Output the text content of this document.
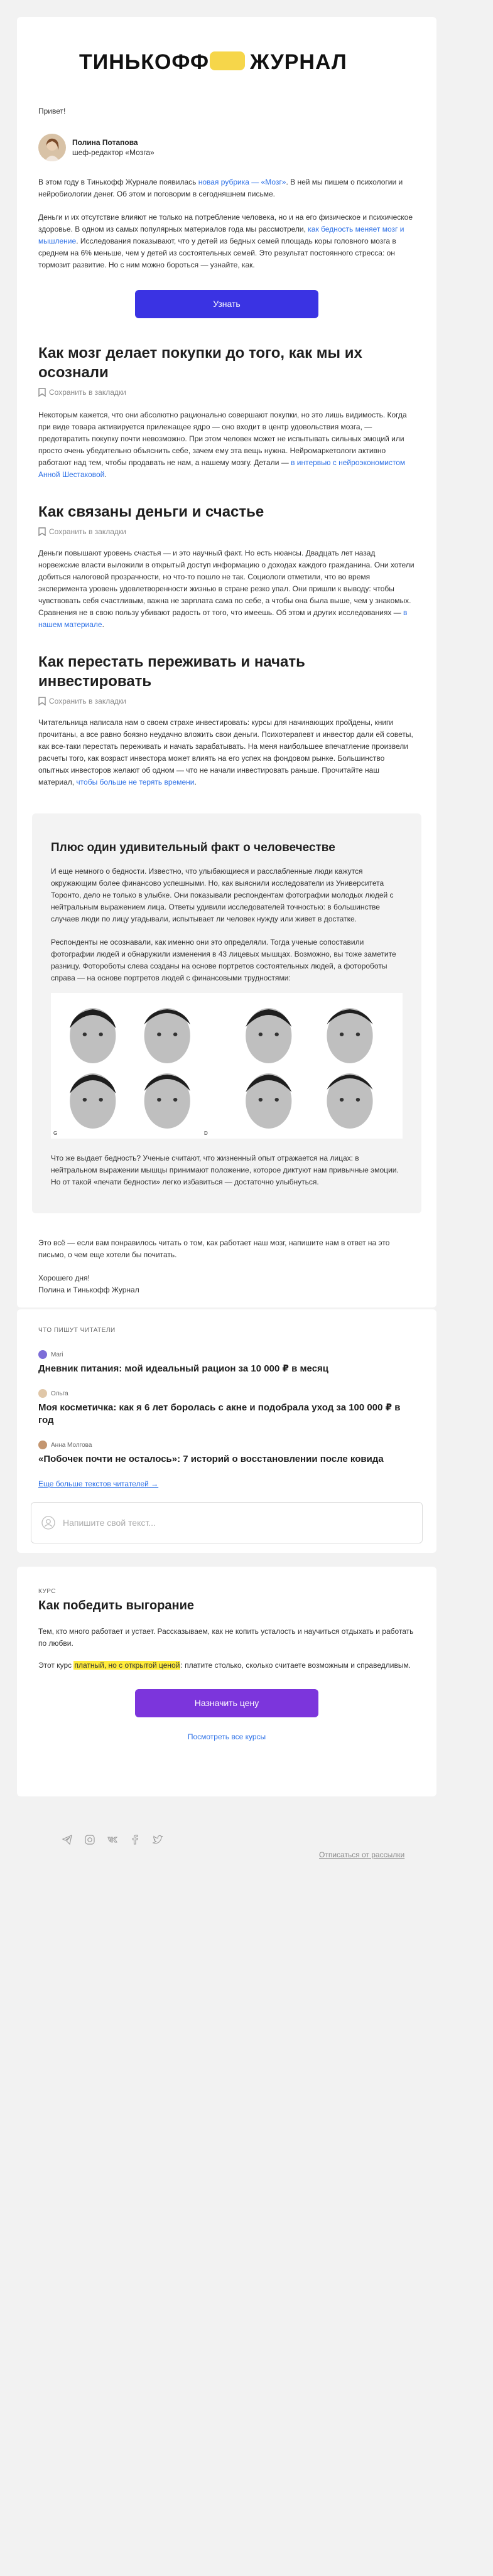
ТИНЬКОФФ ЖУРНАЛ

Привет!

Полина Потапова
шеф-редактор «Мозга»

В этом году в Тинькофф Журнале появилась новая рубрика — «Мозг». В ней мы пишем о психологии и нейробиологии денег. Об этом и поговорим в сегодняшнем письме.

Деньги и их отсутствие влияют не только на потребление человека, но и на его физическое и психическое здоровье. В одном из самых популярных материалов года мы рассмотрели, как бедность меняет мозг и мышление. Исследования показывают, что у детей из бедных семей площадь коры головного мозга в среднем на 6% меньше, чем у детей из состоятельных семей. Это результат постоянного стресса: он тормозит развитие. Но с ним можно бороться — узнайте, как.

Узнать
Как мозг делает покупки до того, как мы их осознали
Сохранить в закладки

Некоторым кажется, что они абсолютно рационально совершают покупки, но это лишь видимость. Когда при виде товара активируется прилежащее ядро — оно входит в центр удовольствия мозга, — предотвратить покупку почти невозможно. При этом человек может не испытывать сильных эмоций или просто очень убедительно объяснить себе, зачем ему эта вещь нужна. Нейромаркетологи активно работают над тем, чтобы продавать не нам, а нашему мозгу. Детали — в интервью с нейроэкономистом Анной Шестаковой.

Как связаны деньги и счастье
Сохранить в закладки

Деньги повышают уровень счастья — и это научный факт. Но есть нюансы. Двадцать лет назад норвежские власти выложили в открытый доступ информацию о доходах каждого гражданина. Они хотели добиться налоговой прозрачности, но что-то пошло не так. Социологи отметили, что во время эксперимента уровень удовлетворенности жизнью в стране резко упал. Они пришли к выводу: чтобы чувствовать себя счастливым, важна не зарплата сама по себе, а чтобы она была выше, чем у знакомых. Сравнения не в свою пользу убивают радость от того, что имеешь. Об этом и других исследованиях — в нашем материале.

Как перестать переживать и начать инвестировать
Сохранить в закладки

Читательница написала нам о своем страхе инвестировать: курсы для начинающих пройдены, книги прочитаны, а все равно боязно неудачно вложить свои деньги. Психотерапевт и инвестор дали ей советы, как все-таки перестать переживать и начать зарабатывать. На меня наибольшее впечатление произвели расчеты того, как возраст инвестора может влиять на его успех на фондовом рынке. Большинство опытных инвесторов желают об одном — что не начали инвестировать раньше. Прочитайте наш материал, чтобы больше не терять времени.

Плюс один удивительный факт о человечестве

И еще немного о бедности. Известно, что улыбающиеся и расслабленные люди кажутся окружающим более финансово успешными. Но, как выяснили исследователи из Университета Торонто, дело не только в улыбке. Они показывали респондентам фотографии молодых людей с нейтральным выражением лица. Ответы удивили исследователей точностью: в большинстве случаев люди по лицу угадывали, испытывает ли человек нужду или живет в достатке.

Респонденты не осознавали, как именно они это определяли. Тогда ученые сопоставили фотографии людей и обнаружили изменения в 43 лицевых мышцах. Возможно, вы тоже заметите разницу. Фотороботы слева созданы на основе портретов состоятельных людей, а фотороботы справа — на основе портретов людей с финансовыми трудностями:

G	D

Что же выдает бедность? Ученые считают, что жизненный опыт отражается на лицах: в нейтральном выражении мышцы принимают положение, которое диктуют нам привычные эмоции. Но от такой «печати бедности» легко избавиться — достаточно улыбнуться.

Это всё — если вам понравилось читать о том, как работает наш мозг, напишите нам в ответ на это письмо, о чем еще хотели бы почитать.

Хорошего дня!
Полина и Тинькофф Журнал

ЧТО ПИШУТ ЧИТАТЕЛИ
Mari
Дневник питания: мой идеальный рацион за 10 000 ₽ в месяц
Ольга
Моя косметичка: как я 6 лет боролась с акне и подобрала уход за 100 000 ₽ в год
Анна Молгова
«Побочек почти не осталось»: 7 историй о восстановлении после ковида
Еще больше текстов читателей →
Напишите свой текст...
КУРС
Как победить выгорание

Тем, кто много работает и устает. Рассказываем, как не копить усталость и научиться отдыхать и работать по любви.

Этот курс платный, но с открытой ценой: платите столько, сколько считаете возможным и справедливым.

Назначить цену
Посмотреть все курсы
Отписаться от рассылки
